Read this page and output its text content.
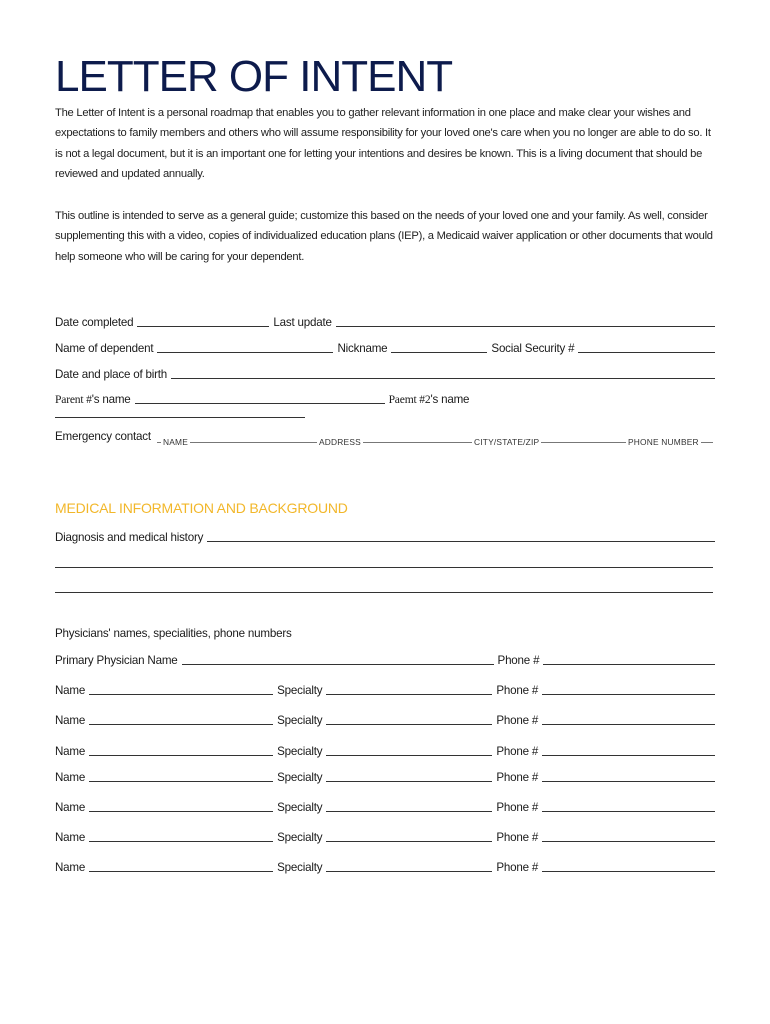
LETTER OF INTENT

The Letter of Intent is a personal roadmap that enables you to gather relevant information in one place and make clear your wishes and expectations to family members and others who will assume responsibility for your loved one's care when you no longer are able to do so. It is not a legal document, but it is an important one for letting your intentions and desires be known. This is a living document that should be reviewed and updated annually.

This outline is intended to serve as a general guide; customize this based on the needs of your loved one and your family. As well, consider supplementing this with a video, copies of individualized education plans (IEP), a Medicaid waiver application or other documents that would help someone who will be caring for your dependent.

Date completed	Last update
Name of dependent	Nickname	Social Security #
Date and place of birth
Parent # 's name	Paemt #2 's name
Emergency contact	NAME	ADDRESS	CITY/STATE/ZIP	PHONE NUMBER
MEDICAL INFORMATION AND BACKGROUND
Diagnosis and medical history
Physicians' names, specialities, phone numbers
Primary Physician Name	Phone #
Name	Specialty	Phone #
Name	Specialty	Phone #
Name	Specialty	Phone #
Name	Specialty	Phone #
Name	Specialty	Phone #
Name	Specialty	Phone #
Name	Specialty	Phone #
